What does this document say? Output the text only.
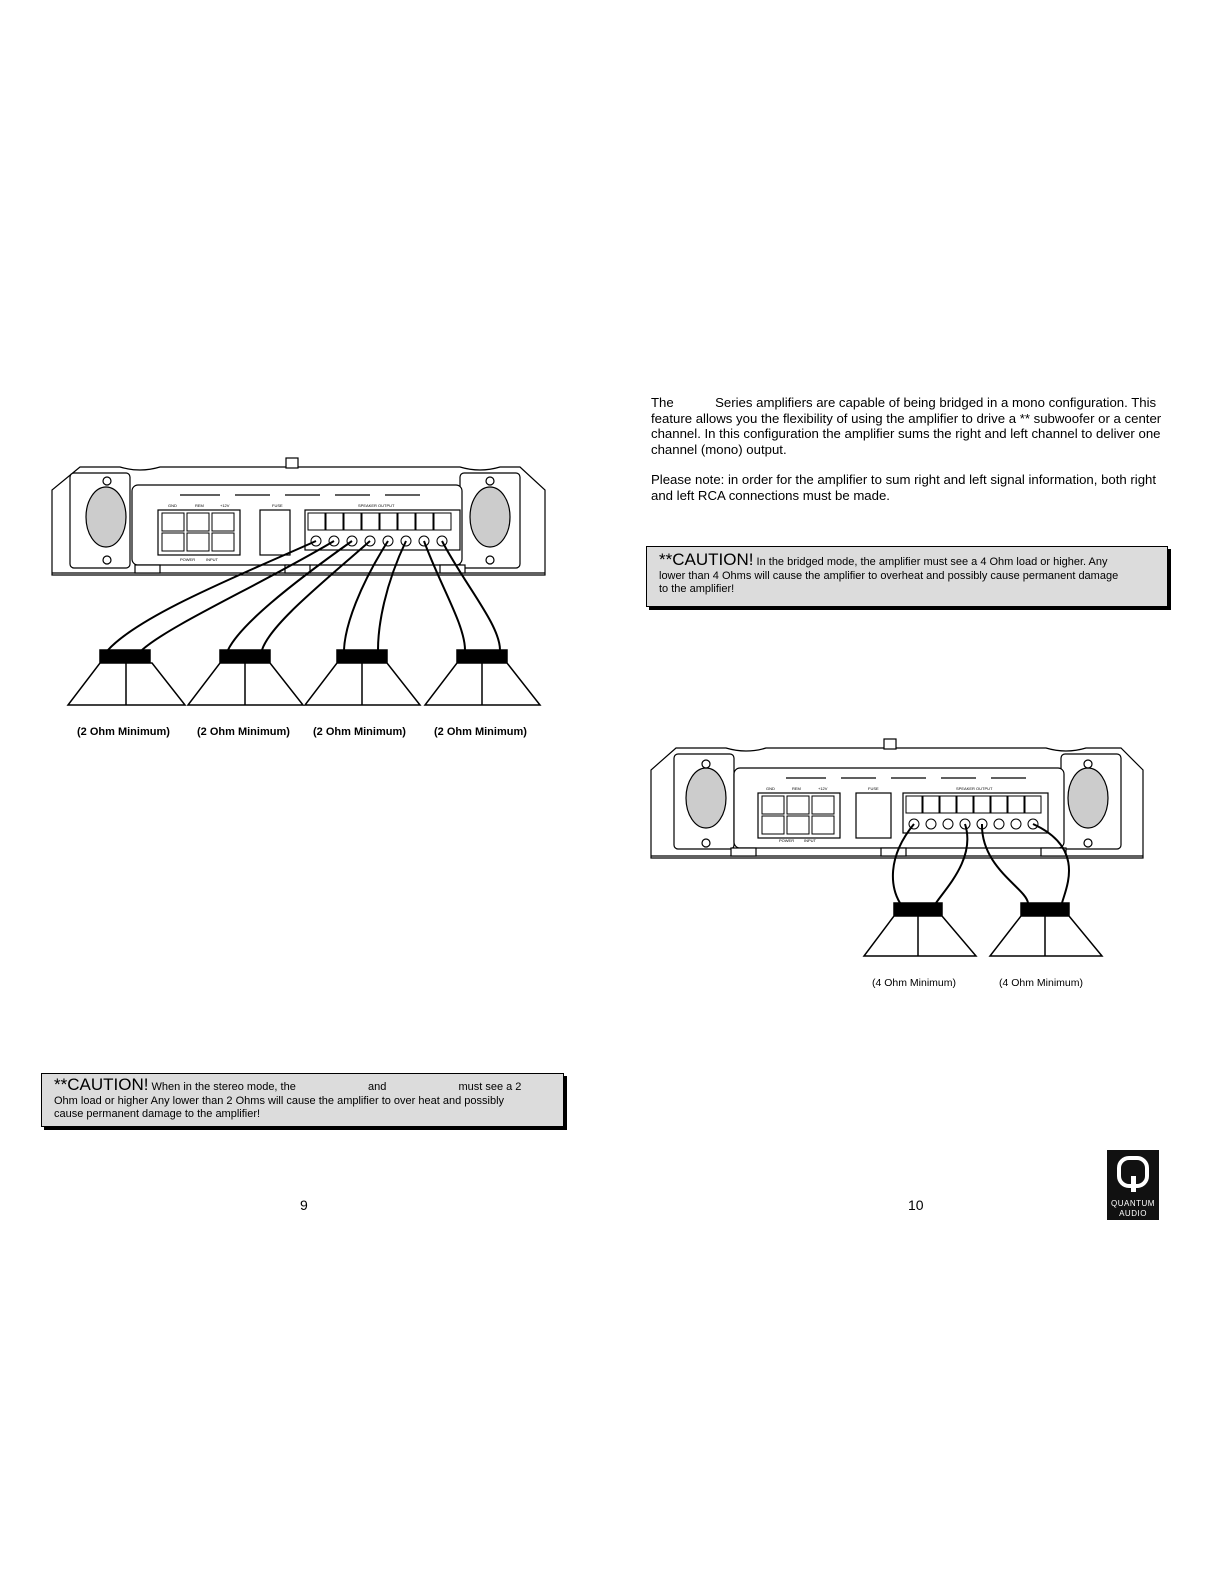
GND	REM	+12V	FUSE	SPEAKER OUTPUT
POWER	INPUT
(2 Ohm Minimum) (2 Ohm Minimum) (2 Ohm Minimum)	(2 Ohm Minimum)
**CAUTION! When in the stereo mode, the	and	must see a 2
Ohm load or higher Any lower than 2 Ohms will cause the amplifier to over heat and possibly
cause permanent damage to the amplifier!
9
The	Series amplifiers are capable of being bridged in a mono configuration. This
feature allows you the flexibility of using the amplifier to drive a ** subwoofer or a center
channel. In this configuration the amplifier sums the right and left channel to deliver one
channel (mono) output.
Please note: in order for the amplifier to sum right and left signal information, both right
and left RCA connections must be made.
**CAUTION! In the bridged mode, the amplifier must see a 4 Ohm load or higher. Any
lower than 4 Ohms will cause the amplifier to overheat and possibly cause permanent damage
to the amplifier!
GND	REM	+12V	FUSE	SPEAKER OUTPUT
POWER INPUT
(4 Ohm Minimum)	(4 Ohm Minimum)
10	QUANTUM
AUDIO
